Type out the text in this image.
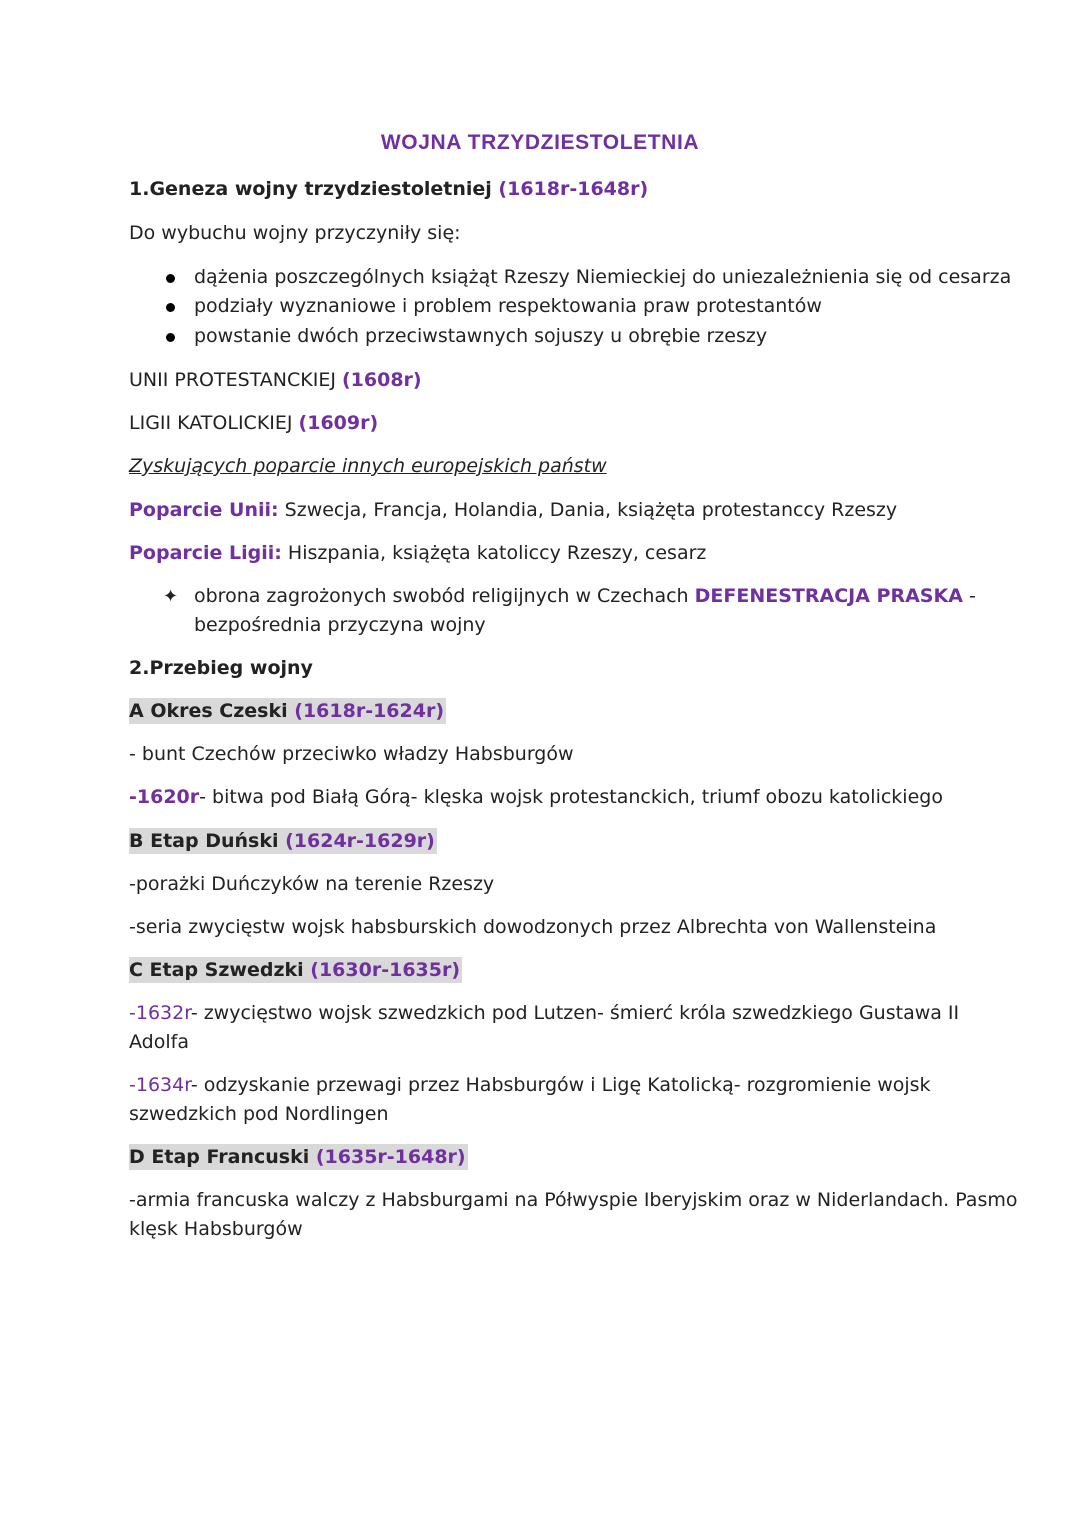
WOJNA TRZYDZIESTOLETNIA
1.Geneza wojny trzydziestoletniej (1618r-1648r)
Do wybuchu wojny przyczyniły się:
dążenia poszczególnych książąt Rzeszy Niemieckiej do uniezależnienia się od cesarza
podziały wyznaniowe i problem respektowania praw protestantów
powstanie dwóch przeciwstawnych sojuszy u obrębie rzeszy
UNII PROTESTANCKIEJ (1608r)
LIGII KATOLICKIEJ (1609r)
Zyskujących poparcie innych europejskich państw
Poparcie Unii: Szwecja, Francja, Holandia, Dania, książęta protestanccy Rzeszy
Poparcie Ligii: Hiszpania, książęta katoliccy Rzeszy, cesarz
✦ obrona zagrożonych swobód religijnych w Czechach DEFENESTRACJA PRASKA -
bezpośrednia przyczyna wojny
2.Przebieg wojny
A Okres Czeski (1618r-1624r)
- bunt Czechów przeciwko władzy Habsburgów
-1620r- bitwa pod Białą Górą- klęska wojsk protestanckich, triumf obozu katolickiego
B Etap Duński (1624r-1629r)
-porażki Duńczyków na terenie Rzeszy
-seria zwycięstw wojsk habsburskich dowodzonych przez Albrechta von Wallensteina
C Etap Szwedzki (1630r-1635r)
-1632r- zwycięstwo wojsk szwedzkich pod Lutzen- śmierć króla szwedzkiego Gustawa II
Adolfa
-1634r- odzyskanie przewagi przez Habsburgów i Ligę Katolicką- rozgromienie wojsk
szwedzkich pod Nordlingen
D Etap Francuski (1635r-1648r)
-armia francuska walczy z Habsburgami na Półwyspie Iberyjskim oraz w Niderlandach. Pasmo
klęsk Habsburgów
